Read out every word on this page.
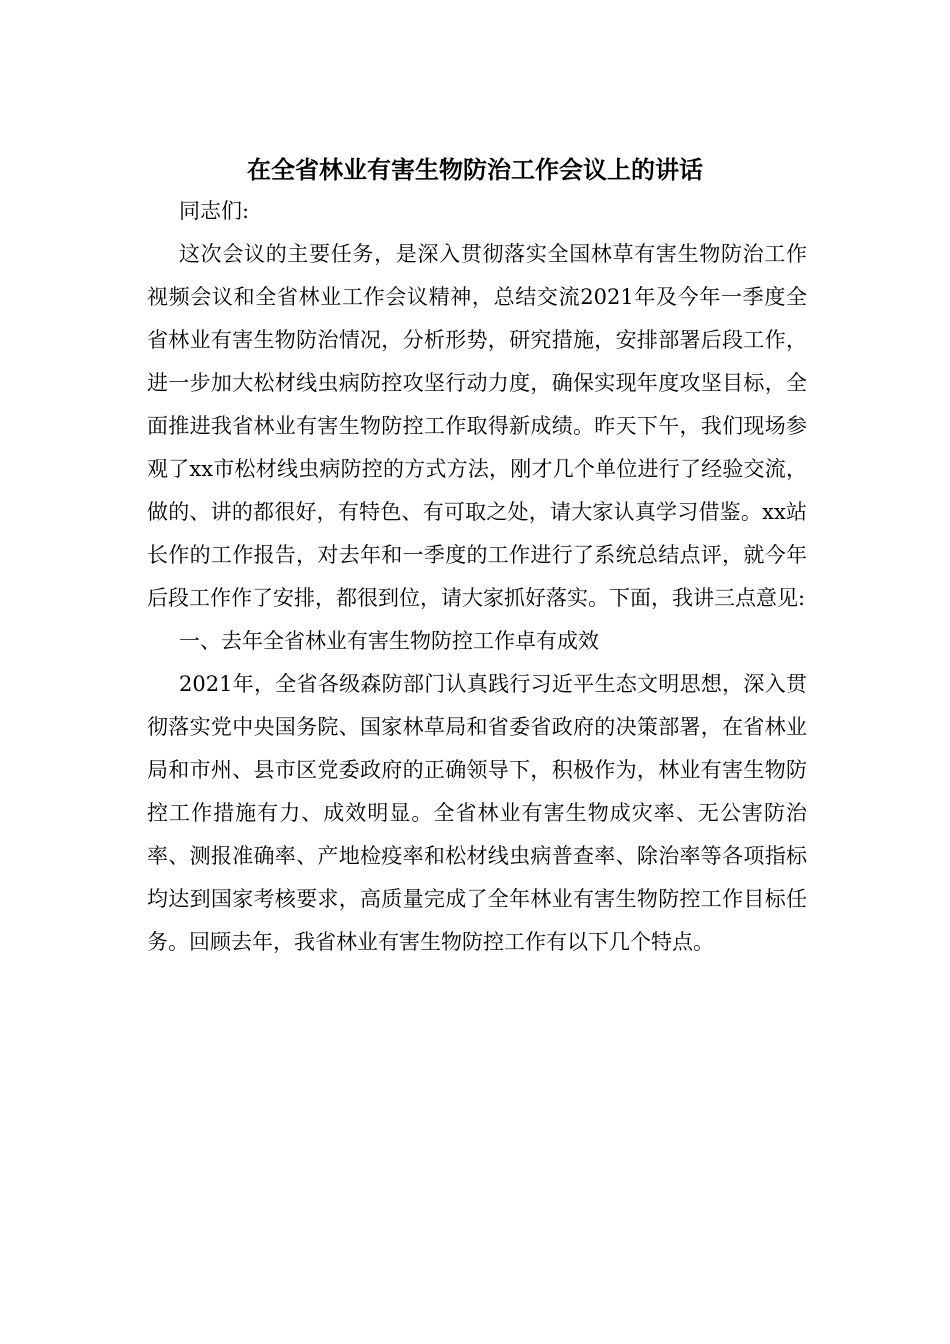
在全省林业有害生物防治工作会议上的讲话

同志们:

这次会议的主要任务，是深入贯彻落实全国林草有害生物防治工作视频会议和全省林业工作会议精神，总结交流2021年及今年一季度全省林业有害生物防治情况，分析形势，研究措施，安排部署后段工作，进一步加大松材线虫病防控攻坚行动力度，确保实现年度攻坚目标，全面推进我省林业有害生物防控工作取得新成绩。昨天下午，我们现场参观了xx市松材线虫病防控的方式方法，刚才几个单位进行了经验交流，做的、讲的都很好，有特色、有可取之处，请大家认真学习借鉴。xx站长作的工作报告，对去年和一季度的工作进行了系统总结点评，就今年后段工作作了安排，都很到位，请大家抓好落实。下面，我讲三点意见:

一、去年全省林业有害生物防控工作卓有成效

2021年，全省各级森防部门认真践行习近平生态文明思想，深入贯彻落实党中央国务院、国家林草局和省委省政府的决策部署，在省林业局和市州、县市区党委政府的正确领导下，积极作为，林业有害生物防控工作措施有力、成效明显。全省林业有害生物成灾率、无公害防治率、测报准确率、产地检疫率和松材线虫病普查率、除治率等各项指标均达到国家考核要求，高质量完成了全年林业有害生物防控工作目标任务。回顾去年，我省林业有害生物防控工作有以下几个特点。
